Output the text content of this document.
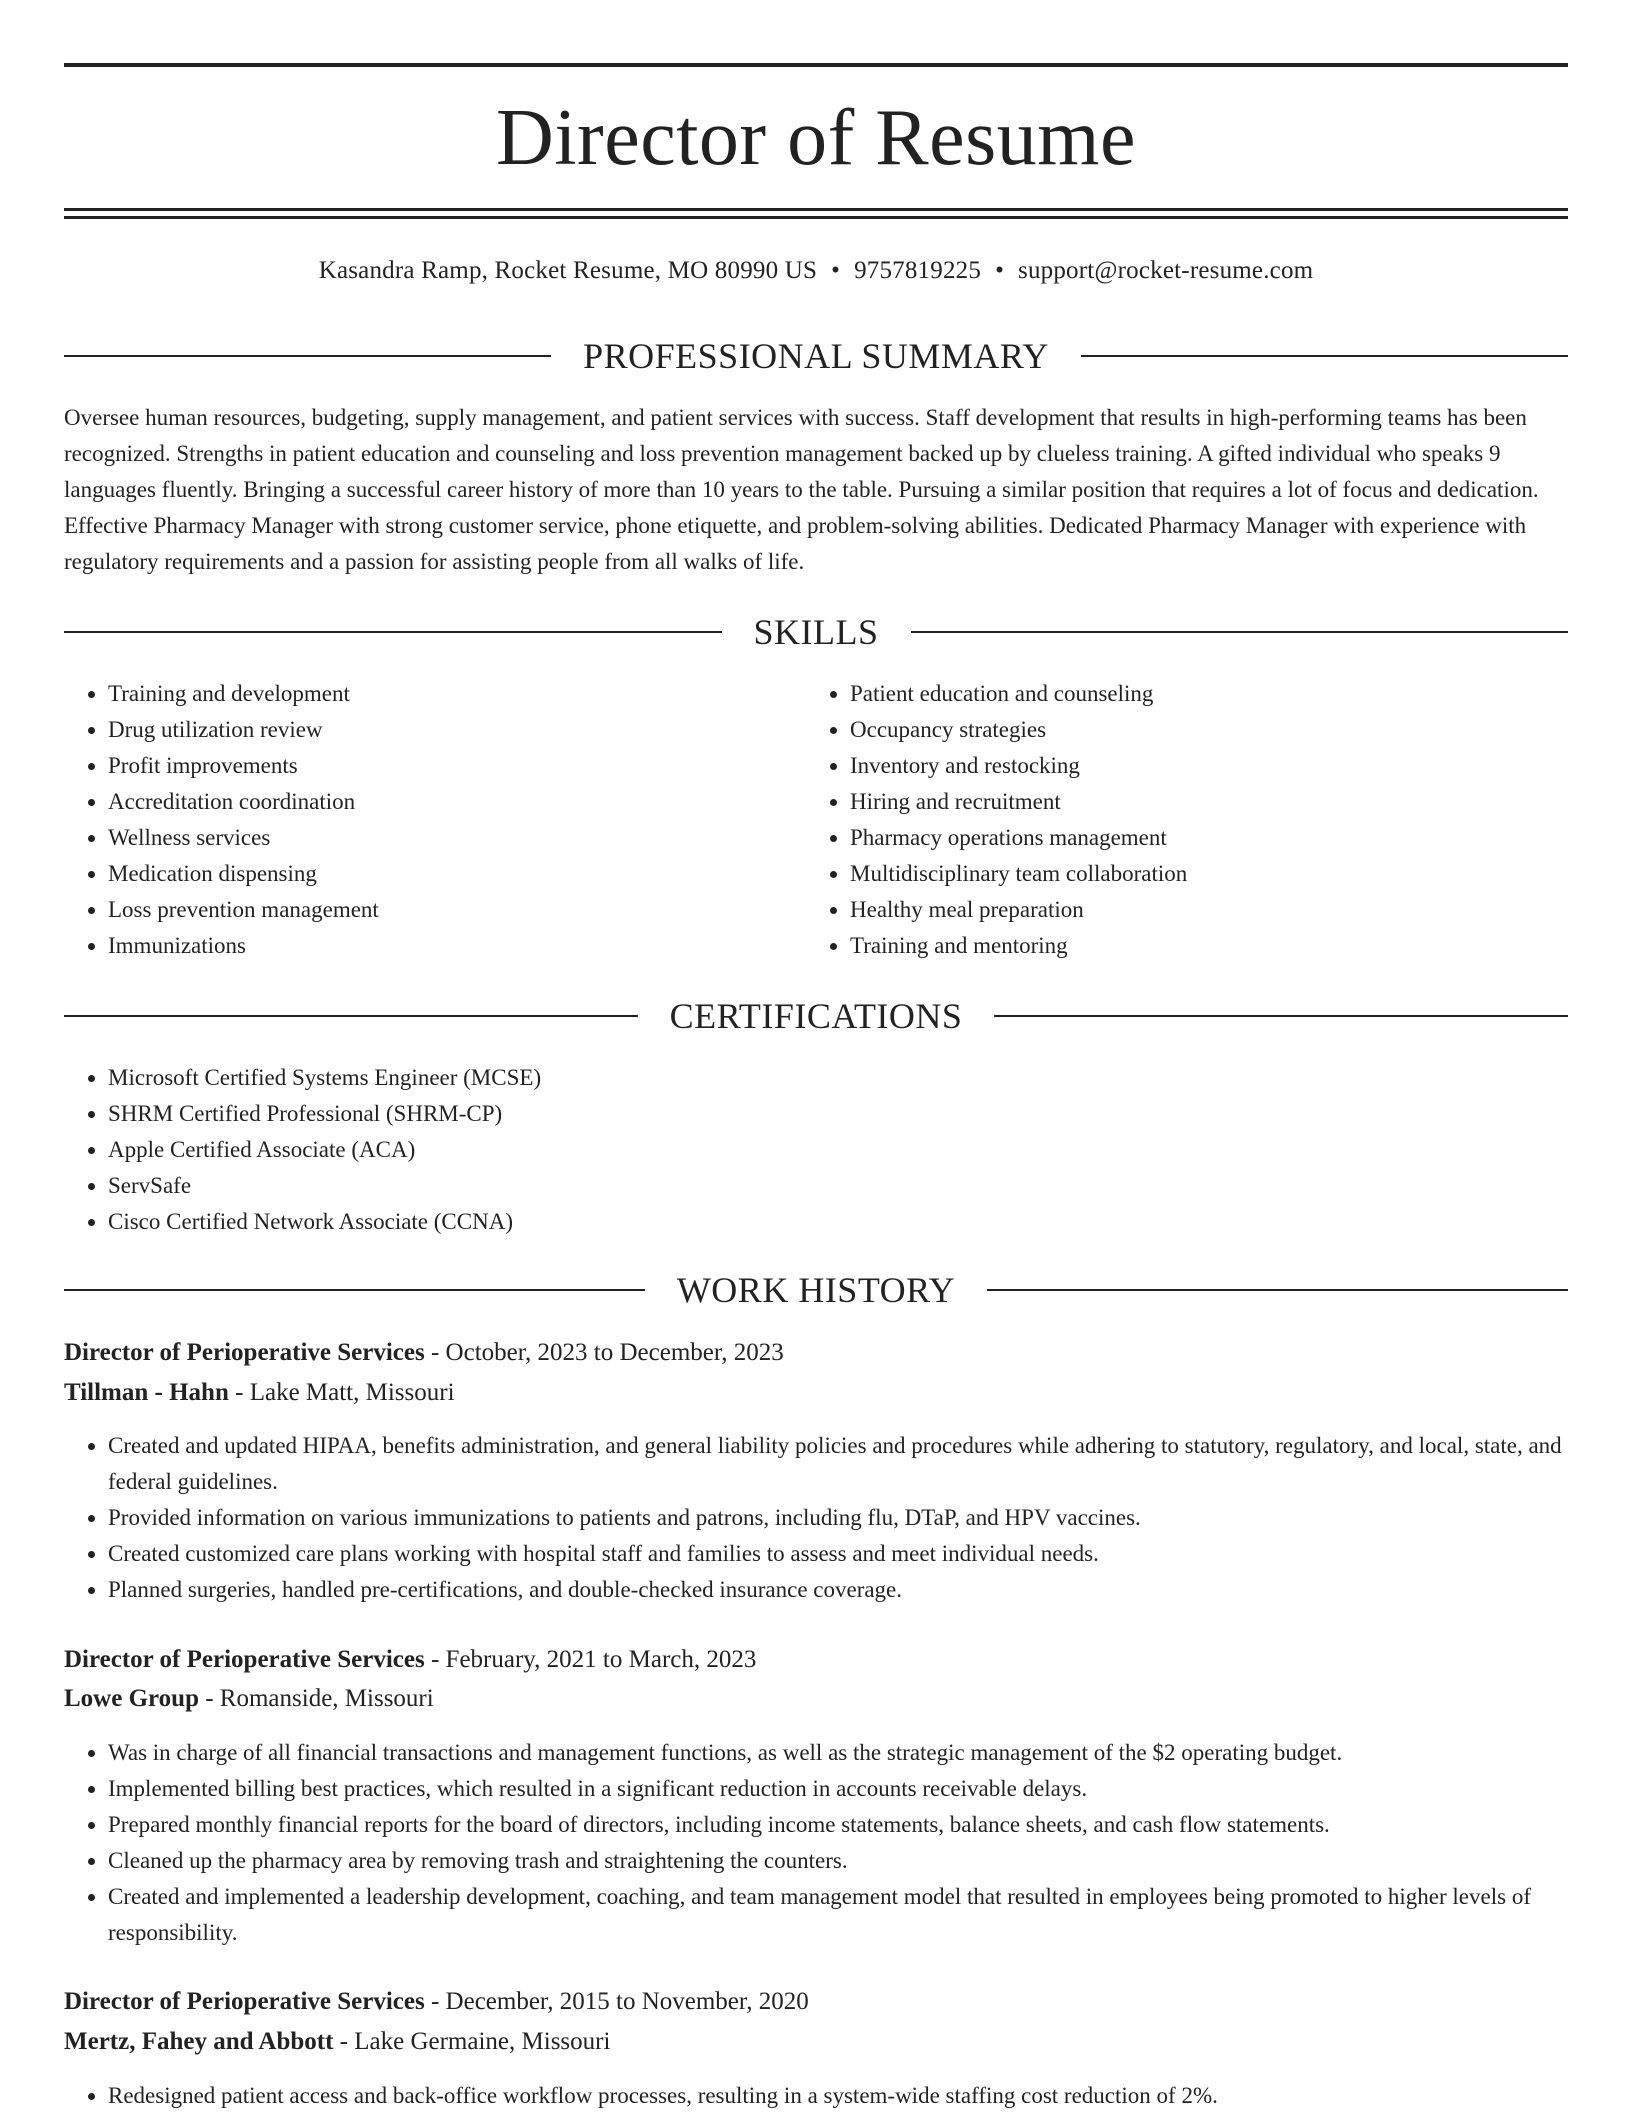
Director of Resume
Kasandra Ramp, Rocket Resume, MO 80990 US • 9757819225 • support@rocket-resume.com
PROFESSIONAL SUMMARY

Oversee human resources, budgeting, supply management, and patient services with success. Staff development that results in high-performing teams has been recognized. Strengths in patient education and counseling and loss prevention management backed up by clueless training. A gifted individual who speaks 9 languages fluently. Bringing a successful career history of more than 10 years to the table. Pursuing a similar position that requires a lot of focus and dedication. Effective Pharmacy Manager with strong customer service, phone etiquette, and problem-solving abilities. Dedicated Pharmacy Manager with experience with regulatory requirements and a passion for assisting people from all walks of life.

SKILLS
• Training and development
• Drug utilization review
• Profit improvements
• Accreditation coordination
• Wellness services
• Medication dispensing
• Loss prevention management
• Immunizations
• Patient education and counseling
• Occupancy strategies
• Inventory and restocking
• Hiring and recruitment
• Pharmacy operations management
• Multidisciplinary team collaboration
• Healthy meal preparation
• Training and mentoring
CERTIFICATIONS
• Microsoft Certified Systems Engineer (MCSE)
• SHRM Certified Professional (SHRM-CP)
• Apple Certified Associate (ACA)
• ServSafe
• Cisco Certified Network Associate (CCNA)
WORK HISTORY
Director of Perioperative Services - October, 2023 to December, 2023
Tillman - Hahn - Lake Matt, Missouri
• Created and updated HIPAA, benefits administration, and general liability policies and procedures while adhering to statutory, regulatory, and local, state, and federal guidelines.
• Provided information on various immunizations to patients and patrons, including flu, DTaP, and HPV vaccines.
• Created customized care plans working with hospital staff and families to assess and meet individual needs.
• Planned surgeries, handled pre-certifications, and double-checked insurance coverage.
Director of Perioperative Services - February, 2021 to March, 2023
Lowe Group - Romanside, Missouri
• Was in charge of all financial transactions and management functions, as well as the strategic management of the $2 operating budget.
• Implemented billing best practices, which resulted in a significant reduction in accounts receivable delays.
• Prepared monthly financial reports for the board of directors, including income statements, balance sheets, and cash flow statements.
• Cleaned up the pharmacy area by removing trash and straightening the counters.
• Created and implemented a leadership development, coaching, and team management model that resulted in employees being promoted to higher levels of responsibility.
Director of Perioperative Services - December, 2015 to November, 2020
Mertz, Fahey and Abbott - Lake Germaine, Missouri
• Redesigned patient access and back-office workflow processes, resulting in a system-wide staffing cost reduction of 2%.
